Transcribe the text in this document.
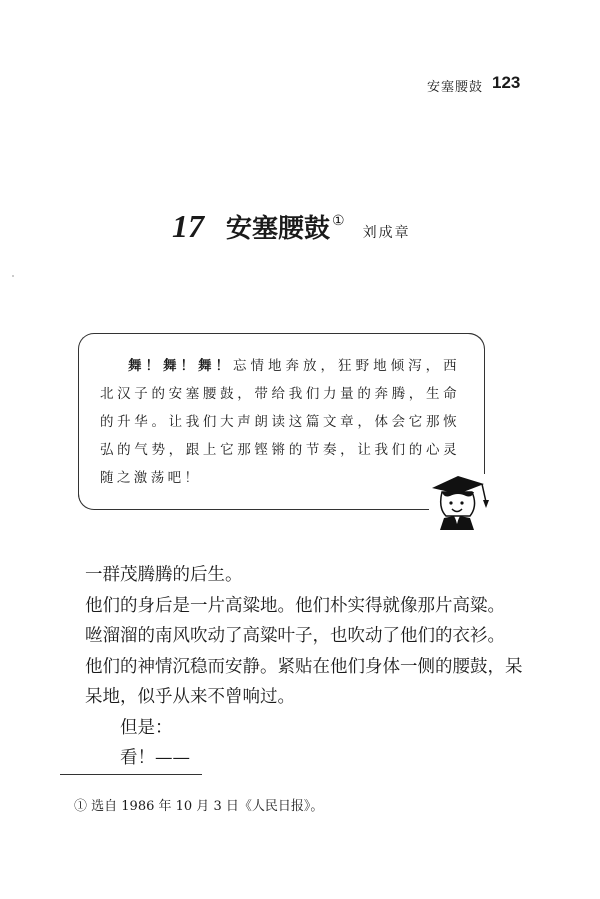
安塞腰鼓 123
17 安塞腰鼓 ①
刘成章
舞！舞！舞！忘情地奔放，狂野地倾泻，西北汉子的安塞腰鼓，带给我们力量的奔腾，生命的升华。让我们大声朗读这篇文章，体会它那恢弘的气势，跟上它那铿锵的节奏，让我们的心灵随之激荡吧！

一群茂腾腾的后生。

他们的身后是一片高粱地。他们朴实得就像那片高粱。

咝溜溜的南风吹动了高粱叶子，也吹动了他们的衣衫。

他们的神情沉稳而安静。紧贴在他们身体一侧的腰鼓，呆呆地，似乎从来不曾响过。

但是：

看！——

① 选自 1986 年 10 月 3 日《人民日报》。
